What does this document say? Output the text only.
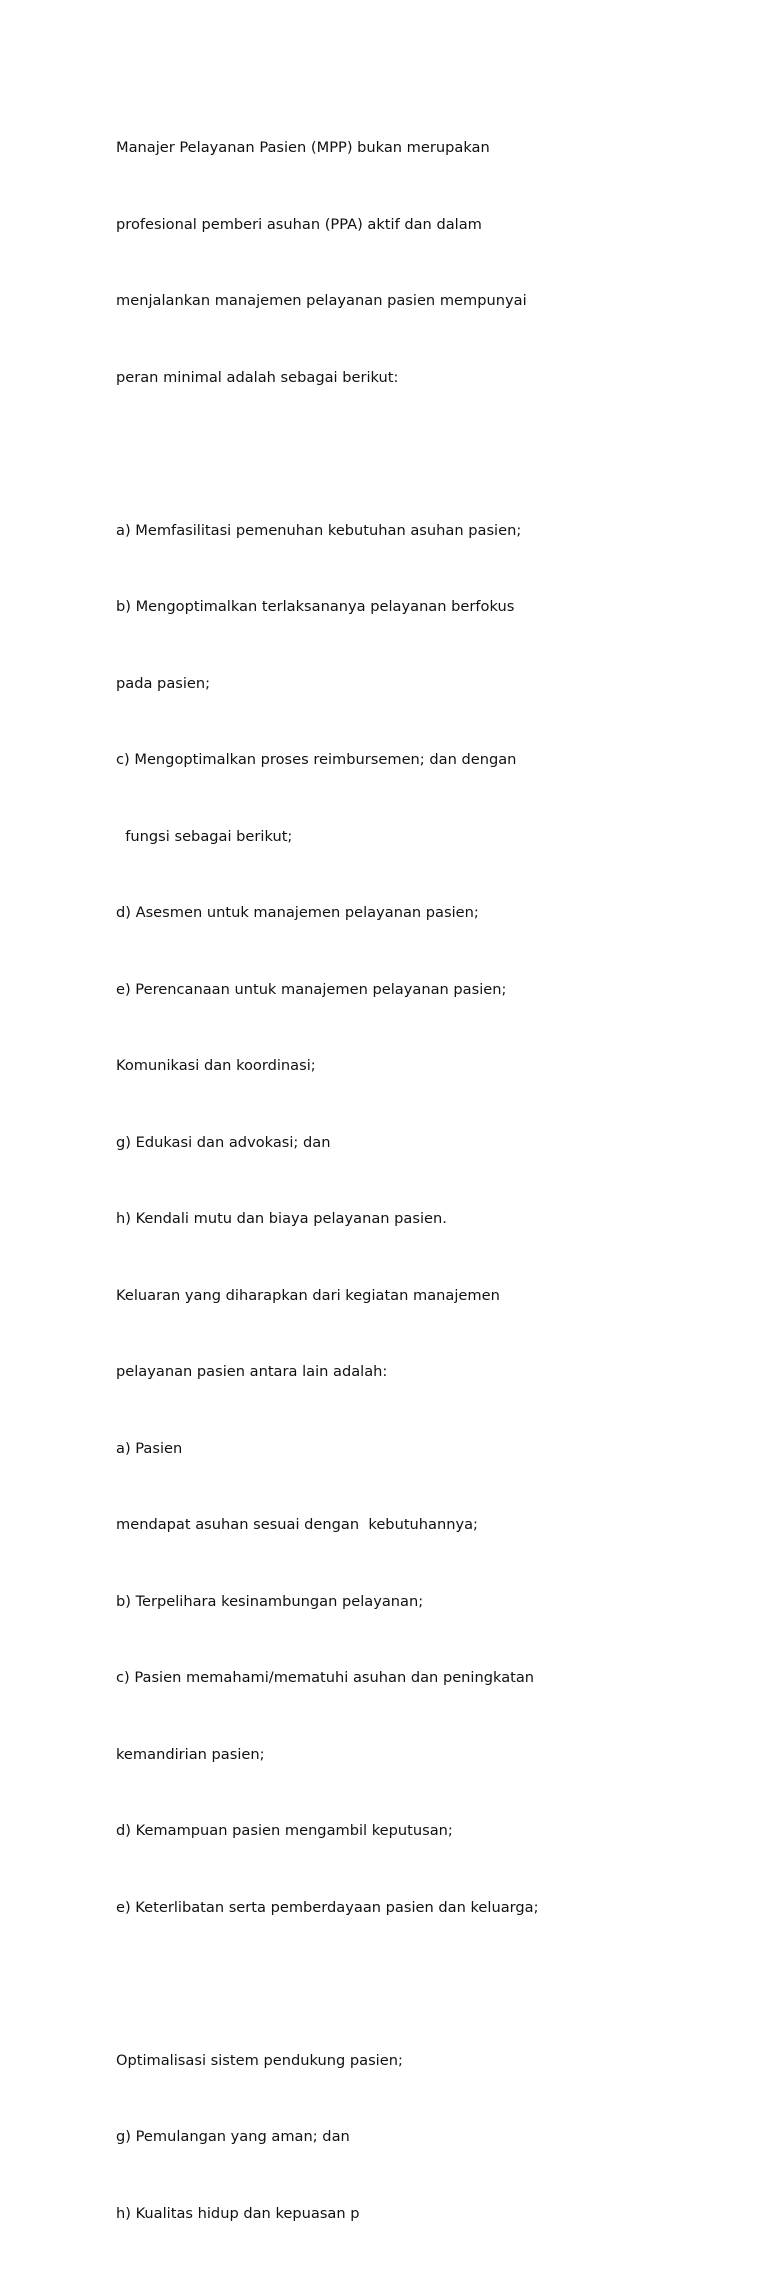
Manajer Pelayanan Pasien (MPP) bukan merupakan

profesional pemberi asuhan (PPA) aktif dan dalam

menjalankan manajemen pelayanan pasien mempunyai

peran minimal adalah sebagai berikut:

a) Memfasilitasi pemenuhan kebutuhan asuhan pasien;

b) Mengoptimalkan terlaksananya pelayanan berfokus

pada pasien;

c) Mengoptimalkan proses reimbursemen; dan dengan

fungsi sebagai berikut;

d) Asesmen untuk manajemen pelayanan pasien;

e) Perencanaan untuk manajemen pelayanan pasien;

Komunikasi dan koordinasi;

g) Edukasi dan advokasi; dan

h) Kendali mutu dan biaya pelayanan pasien.

Keluaran yang diharapkan dari kegiatan manajemen

pelayanan pasien antara lain adalah:

a) Pasien

mendapat asuhan sesuai dengan  kebutuhannya;

b) Terpelihara kesinambungan pelayanan;

c) Pasien memahami/mematuhi asuhan dan peningkatan

kemandirian pasien;

d) Kemampuan pasien mengambil keputusan;

e) Keterlibatan serta pemberdayaan pasien dan keluarga;

Optimalisasi sistem pendukung pasien;

g) Pemulangan yang aman; dan

h) Kualitas hidup dan kepuasan p
